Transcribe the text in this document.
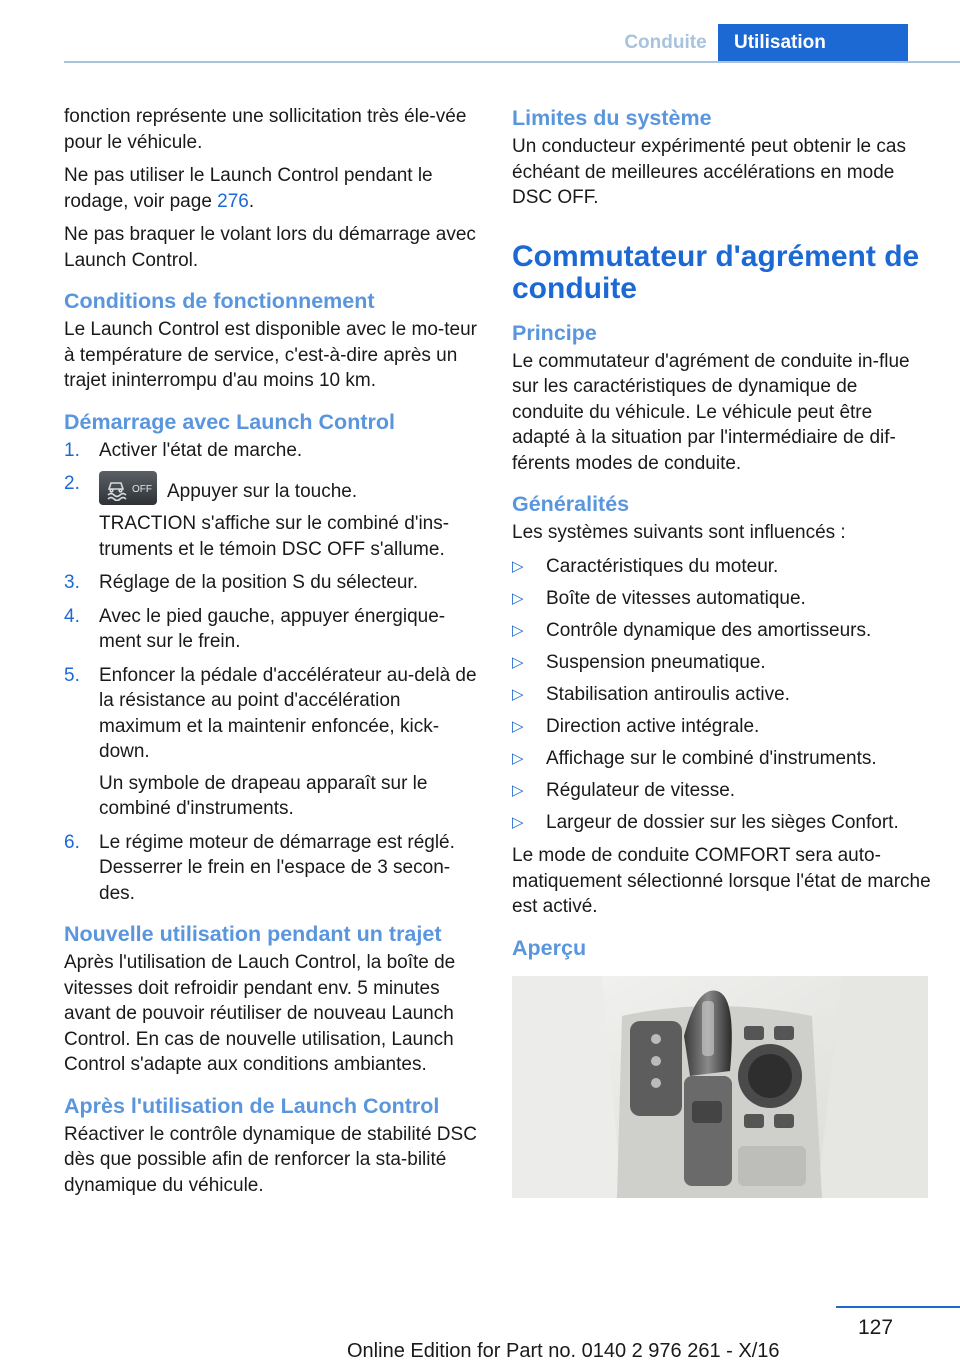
Conduite	Utilisation

fonction représente une sollicitation très éle-vée pour le véhicule.

Ne pas utiliser le Launch Control pendant le rodage, voir page 276.

Ne pas braquer le volant lors du démarrage avec Launch Control.

Conditions de fonctionnement

Le Launch Control est disponible avec le mo-teur à température de service, c'est-à-dire après un trajet ininterrompu d'au moins 10 km.

Démarrage avec Launch Control
1. Activer l'état de marche.
2.	OFF Appuyer sur la touche.

TRACTION s'affiche sur le combiné d'ins-truments et le témoin DSC OFF s'allume.

3. Réglage de la position S du sélecteur.
4. Avec le pied gauche, appuyer énergique-ment sur le frein.
5. Enfoncer la pédale d'accélérateur au-delà de la résistance au point d'accélération maximum et la maintenir enfoncée, kick-down.

Un symbole de drapeau apparaît sur le combiné d'instruments.

6. Le régime moteur de démarrage est réglé. Desserrer le frein en l'espace de 3 secon-des.
Nouvelle utilisation pendant un trajet

Après l'utilisation de Lauch Control, la boîte de vitesses doit refroidir pendant env. 5 minutes avant de pouvoir réutiliser de nouveau Launch Control. En cas de nouvelle utilisation, Launch Control s'adapte aux conditions ambiantes.

Après l'utilisation de Launch Control

Réactiver le contrôle dynamique de stabilité DSC dès que possible afin de renforcer la sta-bilité dynamique du véhicule.

Limites du système

Un conducteur expérimenté peut obtenir le cas échéant de meilleures accélérations en mode DSC OFF.

Commutateur d'agrément de conduite
Principe

Le commutateur d'agrément de conduite in-flue sur les caractéristiques de dynamique de conduite du véhicule. Le véhicule peut être adapté à la situation par l'intermédiaire de dif-férents modes de conduite.

Généralités

Les systèmes suivants sont influencés :

▷ Caractéristiques du moteur.
▷ Boîte de vitesses automatique.
▷ Contrôle dynamique des amortisseurs.
▷ Suspension pneumatique.
▷ Stabilisation antiroulis active.
▷ Direction active intégrale.
▷ Affichage sur le combiné d'instruments.
▷ Régulateur de vitesse.
▷ Largeur de dossier sur les sièges Confort.

Le mode de conduite COMFORT sera auto-matiquement sélectionné lorsque l'état de marche est activé.

Aperçu
127
Online Edition for Part no. 0140 2 976 261 - X/16
